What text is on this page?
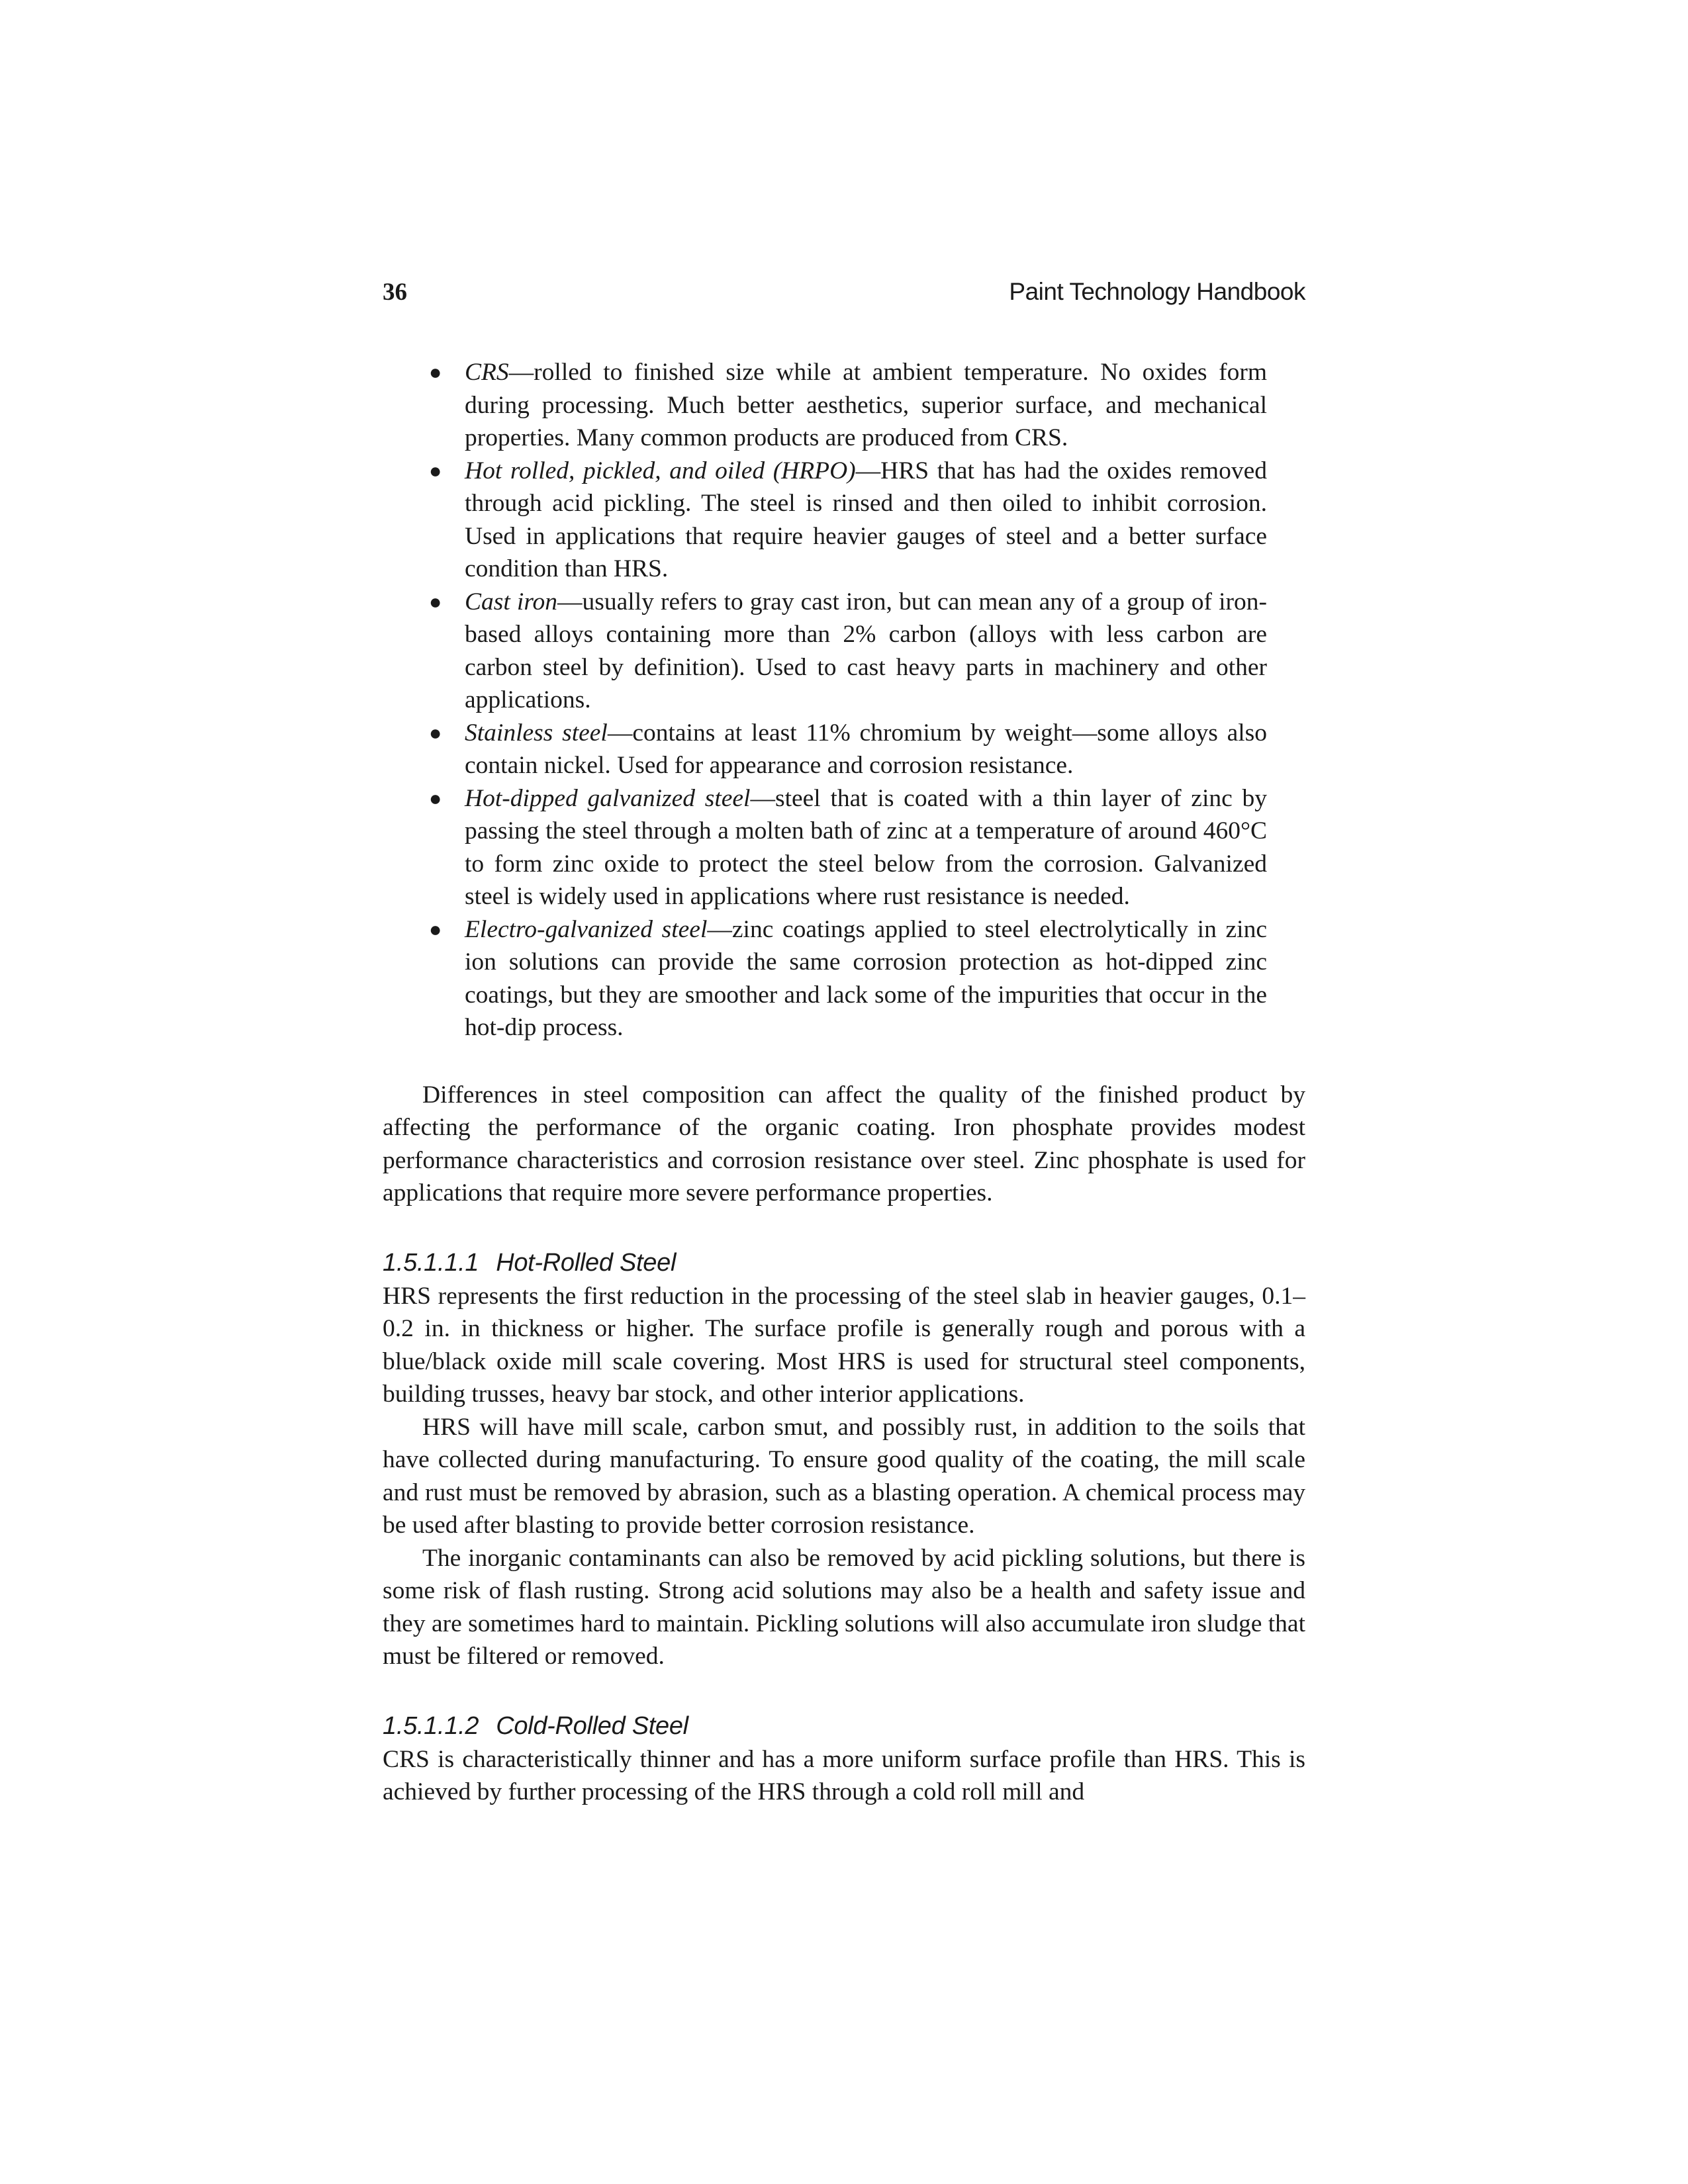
36	Paint Technology Handbook
● CRS—rolled to finished size while at ambient temperature. No oxides form during processing. Much better aesthetics, superior surface, and mechanical properties. Many common products are produced from CRS.
● Hot rolled, pickled, and oiled (HRPO)—HRS that has had the oxides removed through acid pickling. The steel is rinsed and then oiled to inhibit corrosion. Used in applications that require heavier gauges of steel and a better surface condition than HRS.
● Cast iron—usually refers to gray cast iron, but can mean any of a group of iron-based alloys containing more than 2% carbon (alloys with less carbon are carbon steel by definition). Used to cast heavy parts in machinery and other applications.
● Stainless steel—contains at least 11% chromium by weight—some alloys also contain nickel. Used for appearance and corrosion resistance.
● Hot-dipped galvanized steel—steel that is coated with a thin layer of zinc by passing the steel through a molten bath of zinc at a temperature of around 460°C to form zinc oxide to protect the steel below from the corrosion. Galvanized steel is widely used in applications where rust resistance is needed.
● Electro-galvanized steel—zinc coatings applied to steel electrolytically in zinc ion solutions can provide the same corrosion protection as hot-dipped zinc coatings, but they are smoother and lack some of the impurities that occur in the hot-dip process.

Differences in steel composition can affect the quality of the finished product by affecting the performance of the organic coating. Iron phosphate provides modest performance characteristics and corrosion resistance over steel. Zinc phosphate is used for applications that require more severe performance properties.

1.5.1.1.1 Hot-Rolled Steel

HRS represents the first reduction in the processing of the steel slab in heavier gauges, 0.1–0.2 in. in thickness or higher. The surface profile is generally rough and porous with a blue/black oxide mill scale covering. Most HRS is used for structural steel components, building trusses, heavy bar stock, and other interior applications.

HRS will have mill scale, carbon smut, and possibly rust, in addition to the soils that have collected during manufacturing. To ensure good quality of the coating, the mill scale and rust must be removed by abrasion, such as a blasting operation. A chemical process may be used after blasting to provide better corrosion resistance.

The inorganic contaminants can also be removed by acid pickling solutions, but there is some risk of flash rusting. Strong acid solutions may also be a health and safety issue and they are sometimes hard to maintain. Pickling solutions will also accumulate iron sludge that must be filtered or removed.

1.5.1.1.2 Cold-Rolled Steel

CRS is characteristically thinner and has a more uniform surface profile than HRS. This is achieved by further processing of the HRS through a cold roll mill and
